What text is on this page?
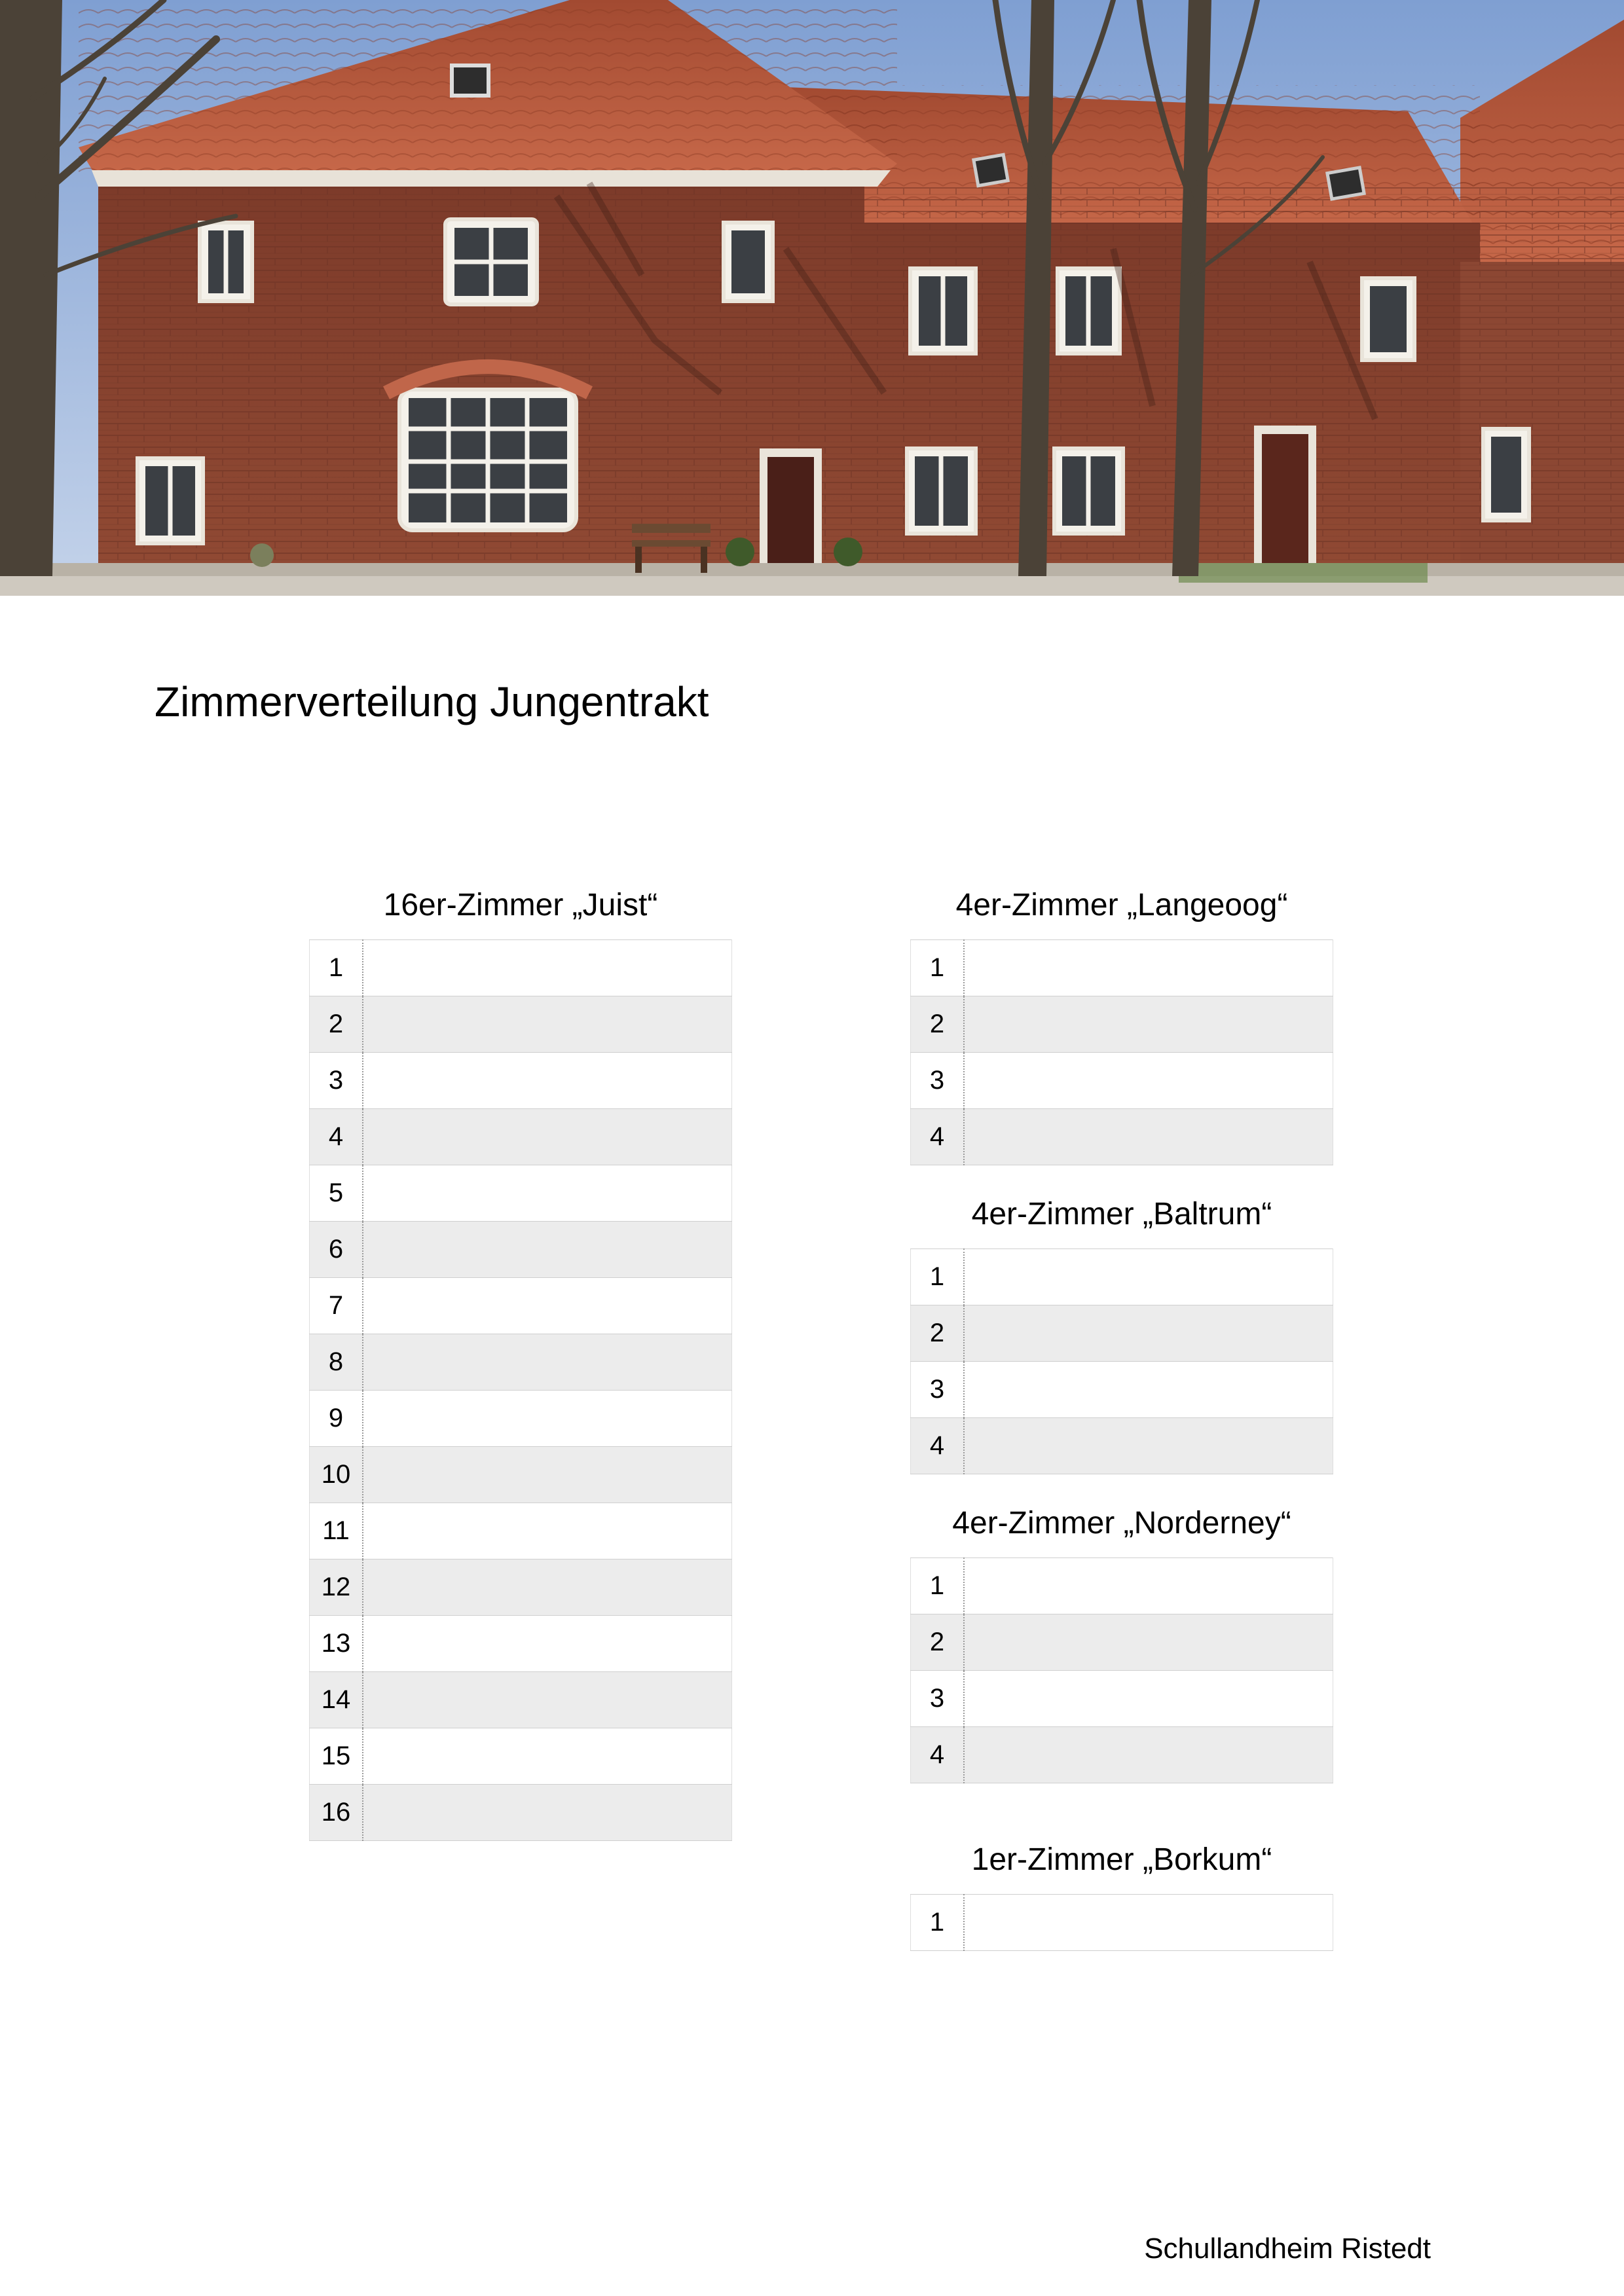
Zimmerverteilung Jungentrakt
16er-Zimmer „Juist“
1	
2	
3	
4	
5	
6	
7	
8	
9	
10	
11	
12	
13	
14	
15	
16	
4er-Zimmer „Langeoog“
1	
2	
3	
4	
4er-Zimmer „Baltrum“
1	
2	
3	
4	
4er-Zimmer „Norderney“
1	
2	
3	
4	
1er-Zimmer „Borkum“
1	
Schullandheim Ristedt
